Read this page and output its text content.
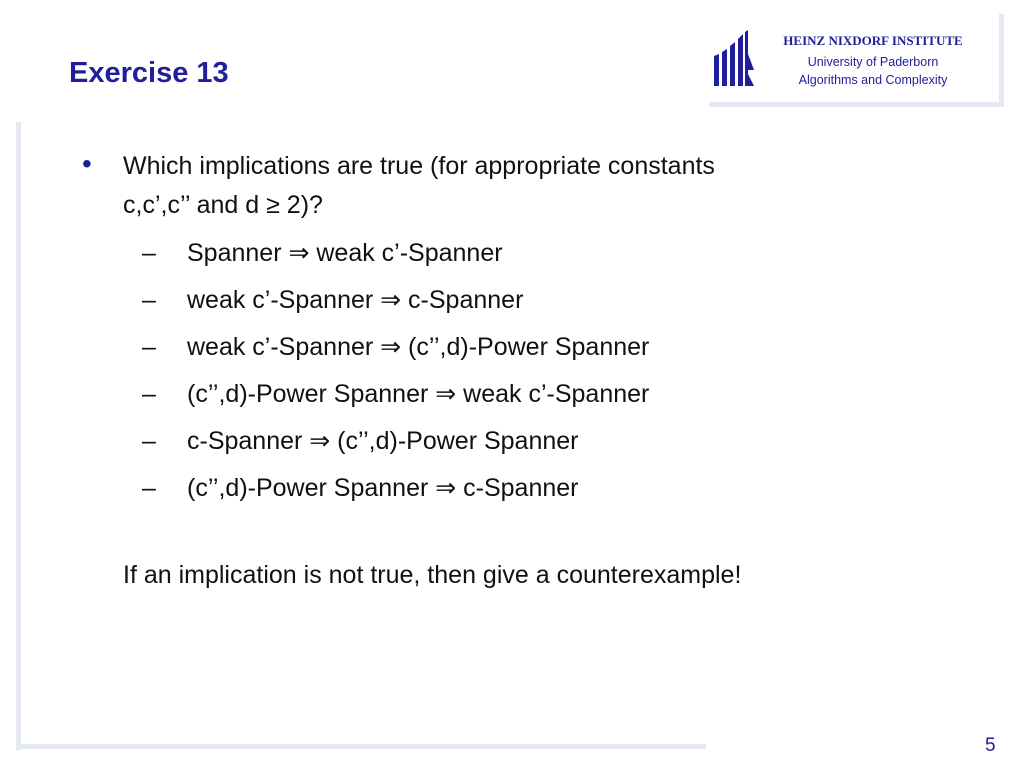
Exercise 13
HEINZ NIXDORF INSTITUTE
University of Paderborn
Algorithms and Complexity
• Which implications are true (for appropriate constants
c,c’,c’’ and d ≥ 2)?
– Spanner ⇒ weak c’-Spanner
– weak c’-Spanner ⇒ c-Spanner
– weak c’-Spanner ⇒ (c’’,d)-Power Spanner
– (c’’,d)-Power Spanner ⇒ weak c’-Spanner
– c-Spanner ⇒ (c’’,d)-Power Spanner
– (c’’,d)-Power Spanner ⇒ c-Spanner
If an implication is not true, then give a counterexample!
5
